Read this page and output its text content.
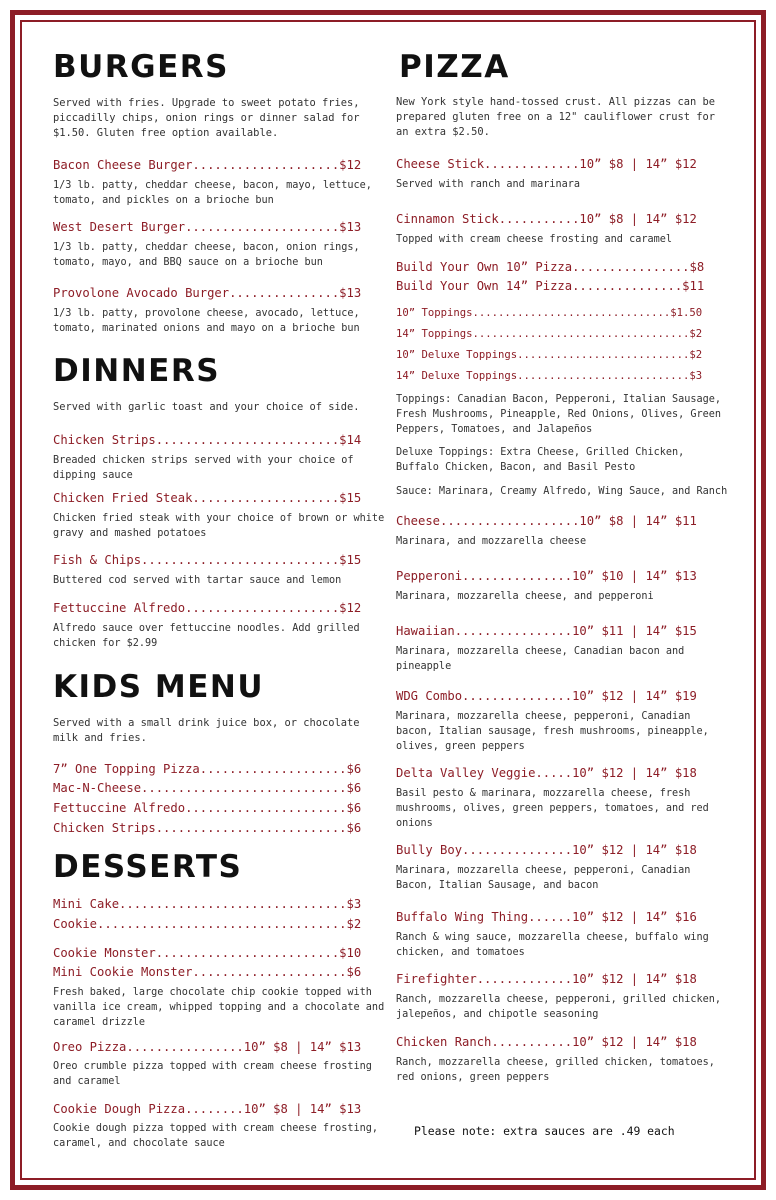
BURGERS
Served with fries. Upgrade to sweet potato fries, piccadilly chips, onion rings or dinner salad for $1.50. Gluten free option available.
Bacon Cheese Burger....................$12
1/3 lb. patty, cheddar cheese, bacon, mayo, lettuce, tomato, and pickles on a brioche bun
West Desert Burger.....................$13
1/3 lb. patty, cheddar cheese, bacon, onion rings, tomato, mayo, and BBQ sauce on a brioche bun
Provolone Avocado Burger...............$13
1/3 lb. patty, provolone cheese, avocado, lettuce, tomato, marinated onions and mayo on a brioche bun
DINNERS
Served with garlic toast and your choice of side.
Chicken Strips.........................$14
Breaded chicken strips served with your choice of dipping sauce
Chicken Fried Steak....................$15
Chicken fried steak with your choice of brown or white gravy and mashed potatoes
Fish & Chips...........................$15
Buttered cod served with tartar sauce and lemon
Fettuccine Alfredo.....................$12
Alfredo sauce over fettuccine noodles. Add grilled chicken for $2.99
KIDS MENU
Served with a small drink juice box, or chocolate milk and fries.
7” One Topping Pizza....................$6
Mac-N-Cheese............................$6
Fettuccine Alfredo......................$6
Chicken Strips..........................$6
DESSERTS
Mini Cake...............................$3
Cookie..................................$2
Cookie Monster.........................$10
Mini Cookie Monster.....................$6
Fresh baked, large chocolate chip cookie topped with vanilla ice cream, whipped topping and a chocolate and caramel drizzle
Oreo Pizza................10” $8 | 14” $13
Oreo crumble pizza topped with cream cheese frosting and caramel
Cookie Dough Pizza........10” $8 | 14” $13
Cookie dough pizza topped with cream cheese frosting, caramel, and chocolate sauce
PIZZA
New York style hand-tossed crust. All pizzas can be prepared gluten free on a 12" cauliflower crust for an extra $2.50.
Cheese Stick.............10” $8 | 14” $12
Served with ranch and marinara
Cinnamon Stick...........10” $8 | 14” $12
Topped with cream cheese frosting and caramel
Build Your Own 10” Pizza................$8
Build Your Own 14” Pizza...............$11
10” Toppings...............................$1.50
14” Toppings..................................$2
10” Deluxe Toppings...........................$2
14” Deluxe Toppings...........................$3
Toppings: Canadian Bacon, Pepperoni, Italian Sausage, Fresh Mushrooms, Pineapple, Red Onions, Olives, Green Peppers, Tomatoes, and Jalapeños
Deluxe Toppings: Extra Cheese, Grilled Chicken, Buffalo Chicken, Bacon, and Basil Pesto
Sauce: Marinara, Creamy Alfredo, Wing Sauce, and Ranch
Cheese...................10” $8 | 14” $11
Marinara, and mozzarella cheese
Pepperoni...............10” $10 | 14” $13
Marinara, mozzarella cheese, and pepperoni
Hawaiian................10” $11 | 14” $15
Marinara, mozzarella cheese, Canadian bacon and pineapple
WDG Combo...............10” $12 | 14” $19
Marinara, mozzarella cheese, pepperoni, Canadian bacon, Italian sausage, fresh mushrooms, pineapple, olives, green peppers
Delta Valley Veggie.....10” $12 | 14” $18
Basil pesto & marinara, mozzarella cheese, fresh mushrooms, olives, green peppers, tomatoes, and red onions
Bully Boy...............10” $12 | 14” $18
Marinara, mozzarella cheese, pepperoni, Canadian Bacon, Italian Sausage, and bacon
Buffalo Wing Thing......10” $12 | 14” $16
Ranch & wing sauce, mozzarella cheese, buffalo wing chicken, and tomatoes
Firefighter.............10” $12 | 14” $18
Ranch, mozzarella cheese, pepperoni, grilled chicken, jalepeños, and chipotle seasoning
Chicken Ranch...........10” $12 | 14” $18
Ranch, mozzarella cheese, grilled chicken, tomatoes, red onions, green peppers
Please note: extra sauces are .49 each
